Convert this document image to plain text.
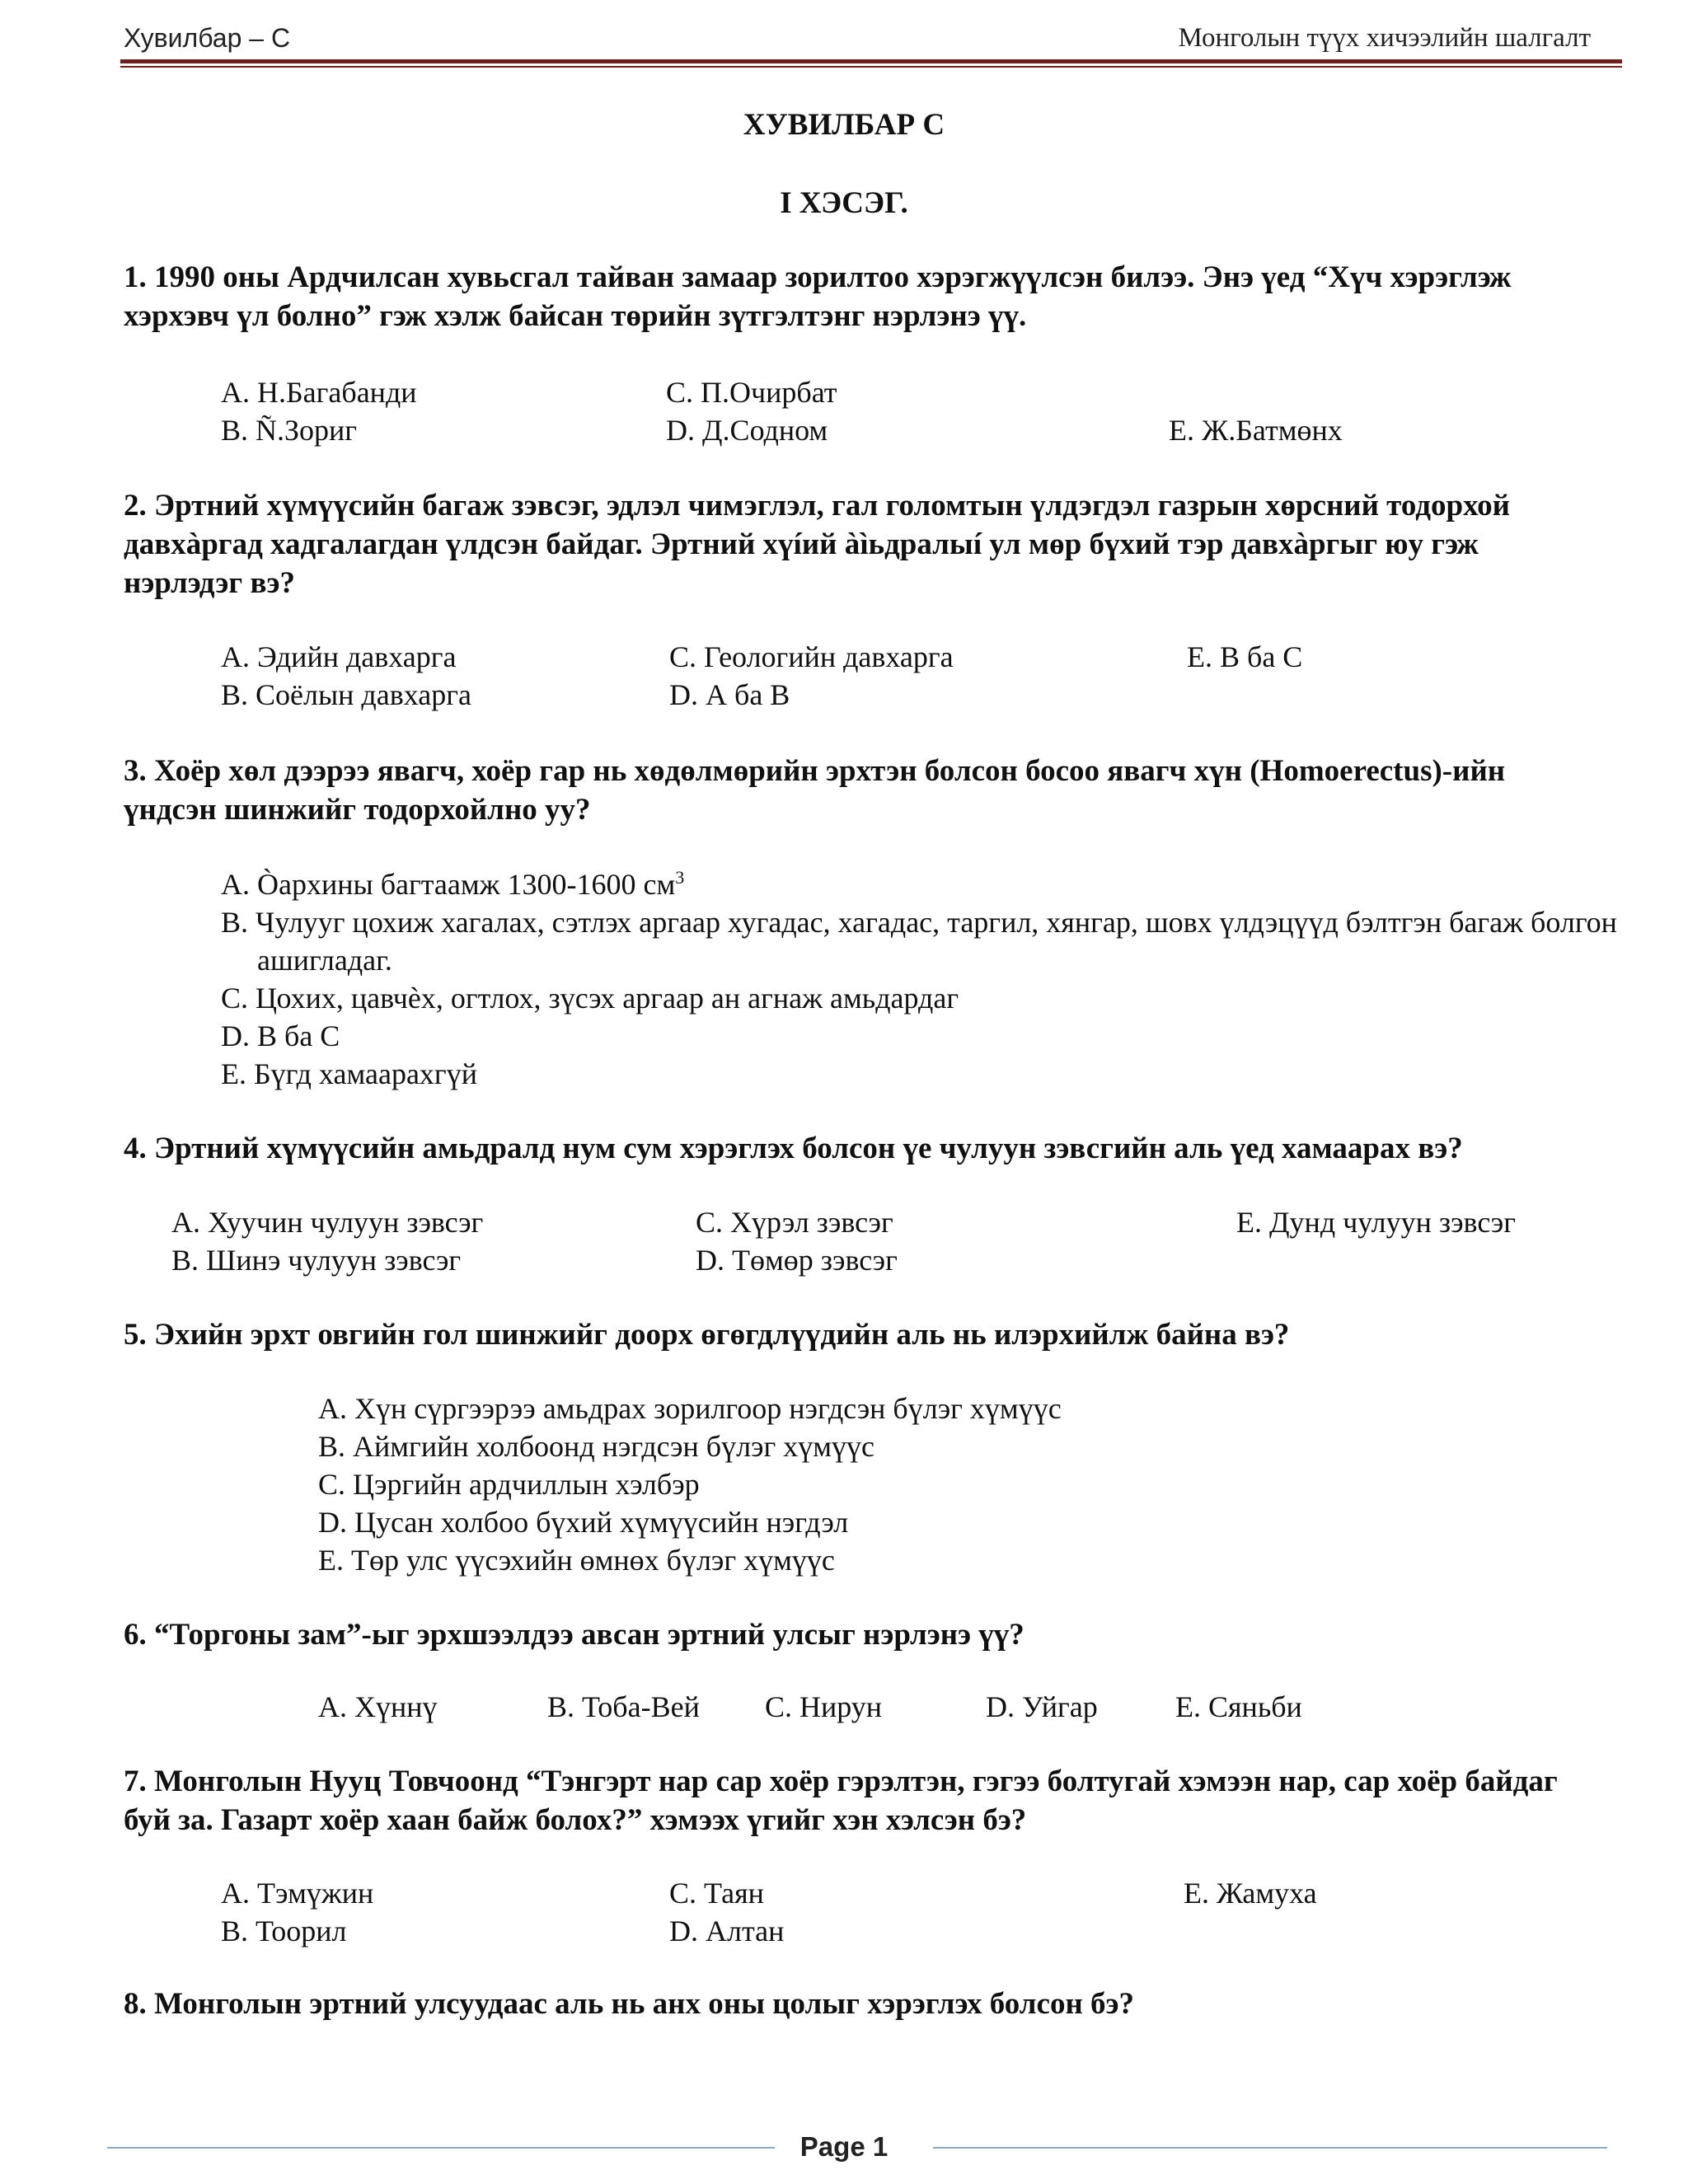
Хувилбар – С	Монголын түүх хичээлийн шалгалт
ХУВИЛБАР С
I ХЭСЭГ.
1. 1990 оны Ардчилсан хувьсгал тайван замаар зорилтоо хэрэгжүүлсэн билээ. Энэ үед “Хүч хэрэглэж хэрхэвч үл болно” гэж хэлж байсан төрийн зүтгэлтэнг нэрлэнэ үү.
А. Н.Багабанди	С. П.Очирбат
B. Ñ.Зориг	D. Д.Содном	Е. Ж.Батмөнх
2. Эртний хүмүүсийн багаж зэвсэг, эдлэл чимэглэл, гал голомтын үлдэгдэл газрын хөрсний тодорхой давхàргад хадгалагдан үлдсэн байдаг. Эртний хүíий àìьдралыí ул мөр бүхий тэр давхàргыг юу гэж нэрлэдэг вэ?
А. Эдийн давхарга	С. Геологийн давхарга	Е. В ба С
В. Соёлын давхарга	D. А ба В
3. Хоёр хөл дээрээ явагч, хоёр гар нь хөдөлмөрийн эрхтэн болсон босоо явагч хүн (Homoerectus)-ийн үндсэн шинжийг тодорхойлно уу?
А. Òархины багтаамж 1300-1600 $см^3$
В. Чулууг цохиж хагалах, сэтлэх аргаар хугадас, хагадас, таргил, хянгар, шовх үлдэцүүд бэлтгэн багаж болгон ашигладаг.
С. Цохих, цавчèх, огтлох, зүсэх аргаар ан агнаж амьдардаг
D. В ба С
Е. Бүгд хамаарахгүй
4. Эртний хүмүүсийн амьдралд нум сум хэрэглэх болсон үе чулуун зэвсгийн аль үед хамаарах вэ?
А. Хуучин чулуун зэвсэг	С. Хүрэл зэвсэг	Е. Дунд чулуун зэвсэг
В. Шинэ чулуун зэвсэг	D. Төмөр зэвсэг
5. Эхийн эрхт овгийн гол шинжийг доорх өгөгдлүүдийн аль нь илэрхийлж байна вэ?
А. Хүн сүргээрээ амьдрах зорилгоор нэгдсэн бүлэг хүмүүс
В. Аймгийн холбоонд нэгдсэн бүлэг хүмүүс
С. Цэргийн ардчиллын хэлбэр
D. Цусан холбоо бүхий хүмүүсийн нэгдэл
Е. Төр улс үүсэхийн өмнөх бүлэг хүмүүс
6. “Торгоны зам”-ыг эрхшээлдээ авсан эртний улсыг нэрлэнэ үү?
А. Хүннү	В. Тоба-Вей С. Нирун	D. Уйгар	Е. Сяньби
7. Монголын Нууц Товчоонд “Тэнгэрт нар сар хоёр гэрэлтэн, гэгээ болтугай хэмээн нар, сар хоёр байдаг буй за. Газарт хоёр хаан байж болох?” хэмээх үгийг хэн хэлсэн бэ?
А. Тэмүжин	С. Таян	Е. Жамуха
В. Тоорил	D. Алтан
8. Монголын эртний улсуудаас аль нь анх оны цолыг хэрэглэх болсон бэ?
Page 1
